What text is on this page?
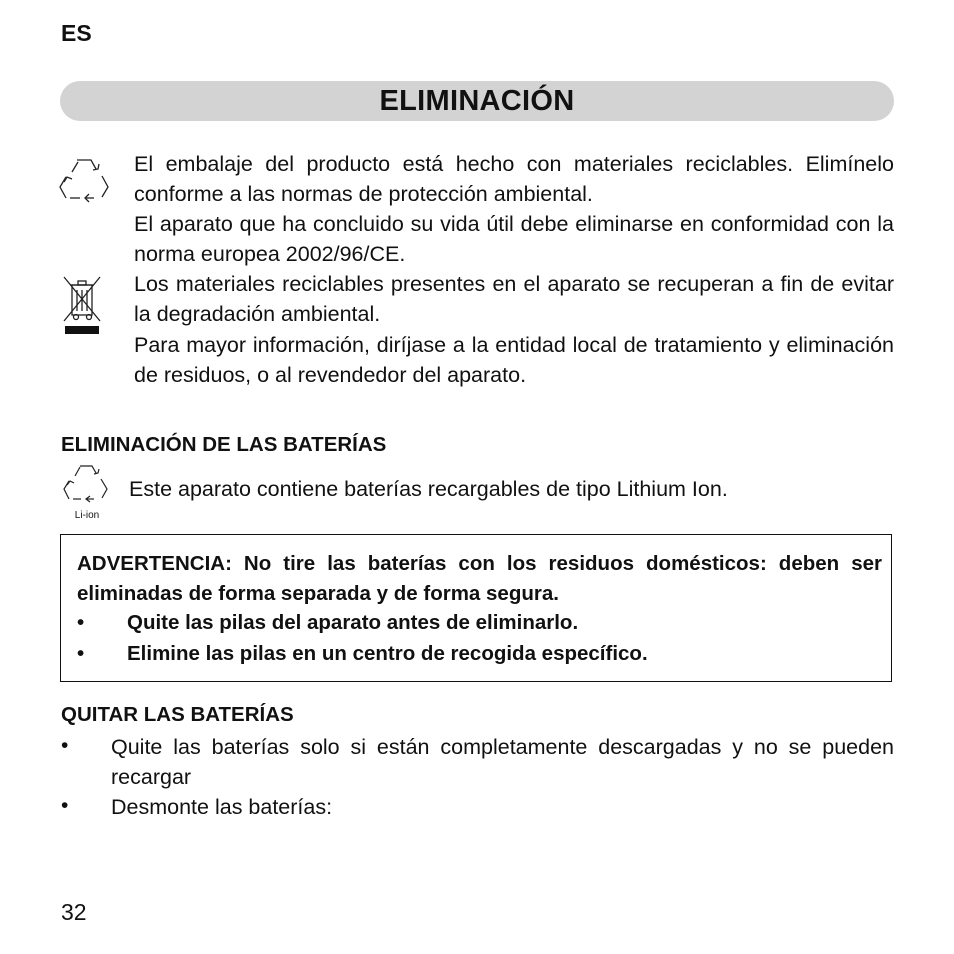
ES
ELIMINACIÓN
El embalaje del producto está hecho con materiales reciclables. Elimínelo conforme a las normas de protección ambiental.
El aparato que ha concluido su vida útil debe eliminarse en conformidad con la norma europea 2002/96/CE.
Los materiales reciclables presentes en el aparato se recuperan a fin de evitar la degradación ambiental.
Para mayor información, diríjase a la entidad local de tratamiento y eliminación de residuos, o al revendedor del aparato.
ELIMINACIÓN DE LAS BATERÍAS
Li-ion
Este aparato contiene baterías recargables de tipo Lithium Ion.
ADVERTENCIA: No tire las baterías con los residuos domésticos: deben ser eliminadas de forma separada y de forma segura.
• Quite las pilas del aparato antes de eliminarlo.
• Elimine las pilas en un centro de recogida específico.
QUITAR LAS BATERÍAS
• Quite las baterías solo si están completamente descargadas y no se pueden recargar
• Desmonte las baterías:
32
